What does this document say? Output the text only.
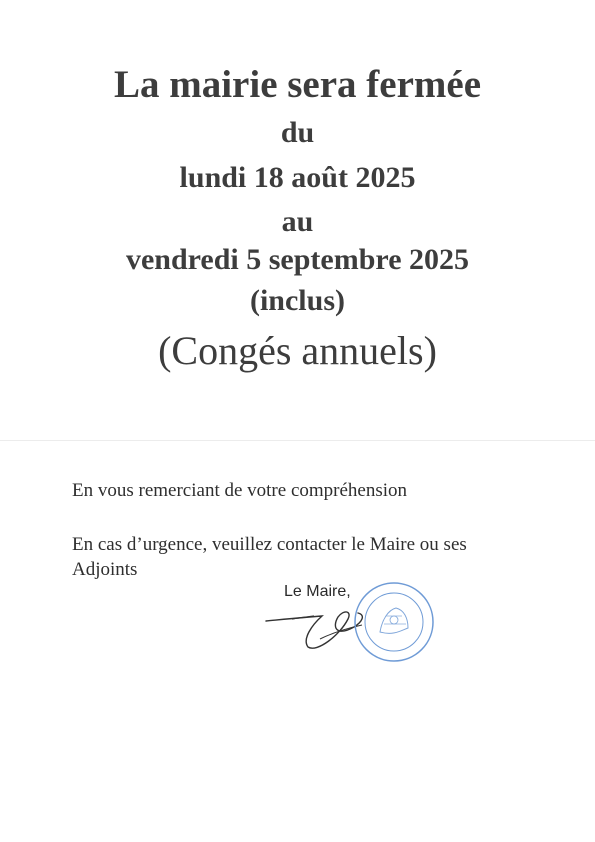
La mairie sera fermée
du
lundi 18 août 2025
au
vendredi 5 septembre 2025
(inclus)
(Congés annuels)
En vous remerciant de votre compréhension
En cas d’urgence, veuillez contacter le Maire ou ses Adjoints
Le Maire,
